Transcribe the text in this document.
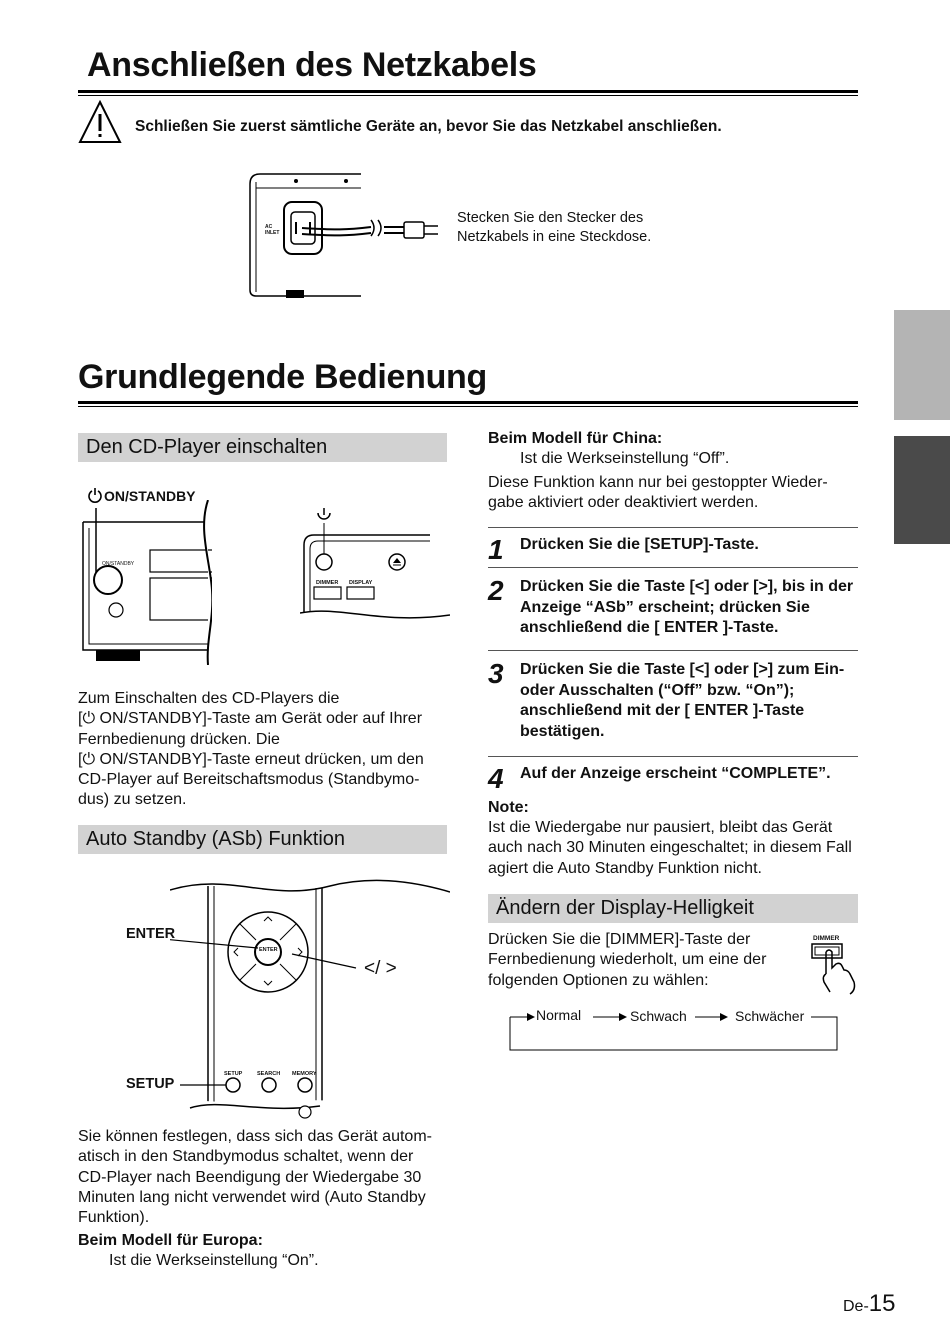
Anschließen des Netzkabels
Schließen Sie zuerst sämtliche Geräte an, bevor Sie das Netzkabel anschließen.
AC INLET
Stecken Sie den Stecker des
Netzkabels in eine Steckdose.
Grundlegende Bedienung
Den CD-Player einschalten
ON/STANDBY
ON/STANDBY
DIMMER DISPLAY
Zum Einschalten des CD-Players die
[⏻ ON/STANDBY]-Taste am Gerät oder auf Ihrer
Fernbedienung drücken. Die
[⏻ ON/STANDBY]-Taste erneut drücken, um den
CD-Player auf Bereitschaftsmodus (Standbymo-
dus) zu setzen.
Auto Standby (ASb) Funktion
ENTER
</ >
SETUP
ENTER
SETUP	SEARCH MEMORY
Sie können festlegen, dass sich das Gerät autom-
atisch in den Standbymodus schaltet, wenn der
CD-Player nach Beendigung der Wiedergabe 30
Minuten lang nicht verwendet wird (Auto Standby
Funktion).
Beim Modell für Europa:
Ist die Werkseinstellung “On”.
Beim Modell für China:
Ist die Werkseinstellung “Off”.
Diese Funktion kann nur bei gestoppter Wieder-
gabe aktiviert oder deaktiviert werden.
1 Drücken Sie die [SETUP]-Taste.
2 Drücken Sie die Taste [<] oder [>], bis in der
Anzeige “ASb” erscheint; drücken Sie
anschließend die [ ENTER ]-Taste.
3 Drücken Sie die Taste [<] oder [>] zum Ein-
oder Ausschalten (“Off” bzw. “On”);
anschließend mit der [ ENTER ]-Taste
bestätigen.
4 Auf der Anzeige erscheint “COMPLETE”.
Note:
Ist die Wiedergabe nur pausiert, bleibt das Gerät
auch nach 30 Minuten eingeschaltet; in diesem Fall
agiert die Auto Standby Funktion nicht.
Ändern der Display-Helligkeit
Drücken Sie die [DIMMER]-Taste der
Fernbedienung wiederholt, um eine der
folgenden Optionen zu wählen:
DIMMER
Normal	Schwach	Schwächer
De-15
